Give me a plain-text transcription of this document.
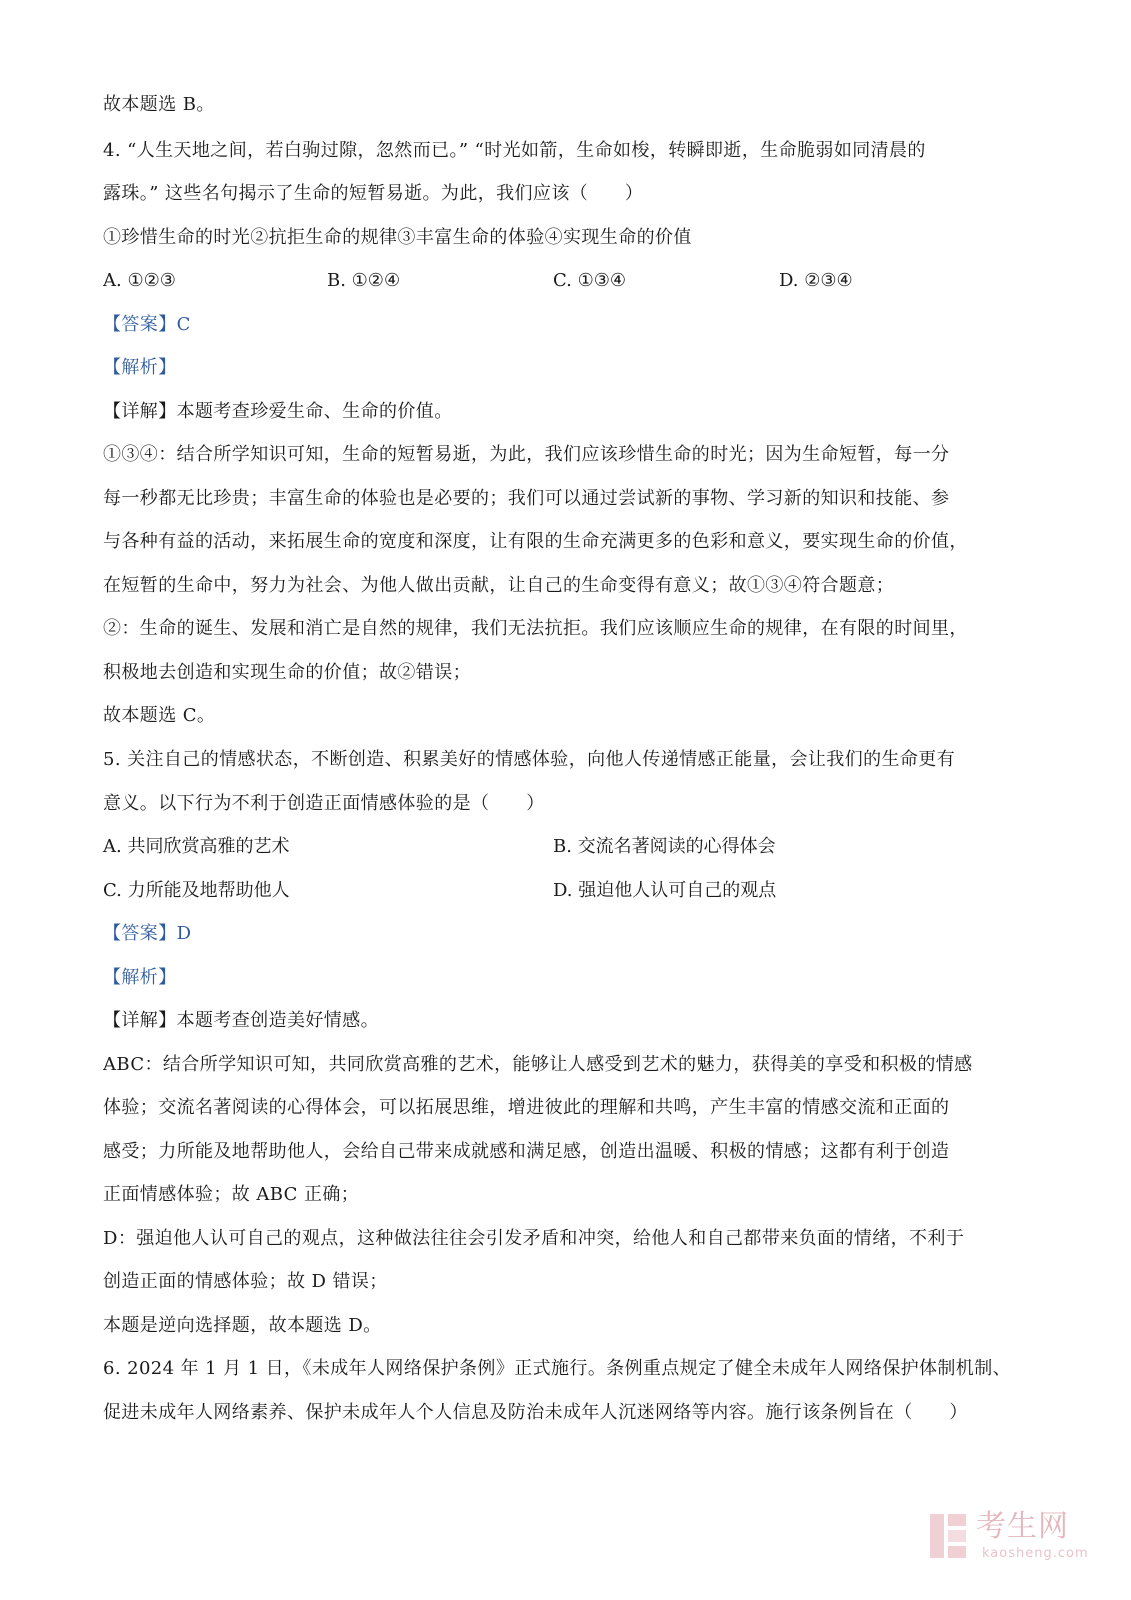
故本题选 B。
4. “人生天地之间，若白驹过隙，忽然而已。” “时光如箭，生命如梭，转瞬即逝，生命脆弱如同清晨的
露珠。” 这些名句揭示了生命的短暂易逝。为此，我们应该（　　）
①珍惜生命的时光②抗拒生命的规律③丰富生命的体验④实现生命的价值
A. ①②③	B. ①②④	C. ①③④	D. ②③④
【答案】C
【解析】
【详解】本题考查珍爱生命、生命的价值。
①③④：结合所学知识可知，生命的短暂易逝，为此，我们应该珍惜生命的时光；因为生命短暂，每一分
每一秒都无比珍贵；丰富生命的体验也是必要的；我们可以通过尝试新的事物、学习新的知识和技能、参
与各种有益的活动，来拓展生命的宽度和深度，让有限的生命充满更多的色彩和意义，要实现生命的价值，
在短暂的生命中，努力为社会、为他人做出贡献，让自己的生命变得有意义；故①③④符合题意；
②：生命的诞生、发展和消亡是自然的规律，我们无法抗拒。我们应该顺应生命的规律，在有限的时间里，
积极地去创造和实现生命的价值；故②错误；
故本题选 C。
5. 关注自己的情感状态，不断创造、积累美好的情感体验，向他人传递情感正能量，会让我们的生命更有
意义。以下行为不利于创造正面情感体验的是（　　）
A. 共同欣赏高雅的艺术	B. 交流名著阅读的心得体会
C. 力所能及地帮助他人	D. 强迫他人认可自己的观点
【答案】D
【解析】
【详解】本题考查创造美好情感。
ABC：结合所学知识可知，共同欣赏高雅的艺术，能够让人感受到艺术的魅力，获得美的享受和积极的情感
体验；交流名著阅读的心得体会，可以拓展思维，增进彼此的理解和共鸣，产生丰富的情感交流和正面的
感受；力所能及地帮助他人，会给自己带来成就感和满足感，创造出温暖、积极的情感；这都有利于创造
正面情感体验；故 ABC 正确；
D：强迫他人认可自己的观点，这种做法往往会引发矛盾和冲突，给他人和自己都带来负面的情绪，不利于
创造正面的情感体验；故 D 错误；
本题是逆向选择题，故本题选 D。
6. 2024 年 1 月 1 日，《未成年人网络保护条例》正式施行。条例重点规定了健全未成年人网络保护体制机制、
促进未成年人网络素养、保护未成年人个人信息及防治未成年人沉迷网络等内容。施行该条例旨在（　　）
考生网
kaosheng.com
